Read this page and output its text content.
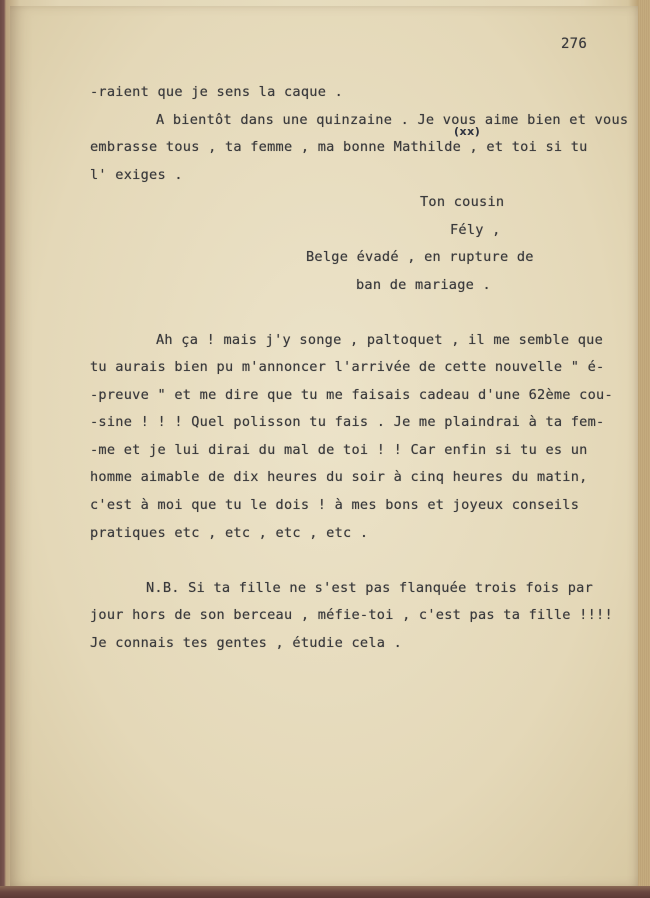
276
-raient que je sens la caque .
A bientôt dans une quinzaine . Je vous aime bien et vous
(xx)
embrasse tous , ta femme , ma bonne Mathilde , et toi si tu
l' exiges .
Ton cousin
Fély ,
Belge évadé , en rupture de
ban de mariage .
Ah ça ! mais j'y songe , paltoquet , il me semble que
tu aurais bien pu m'annoncer l'arrivée de cette nouvelle " é-
-preuve " et me dire que tu me faisais cadeau d'une 62ème cou-
-sine ! ! ! Quel polisson tu fais . Je me plaindrai à ta fem-
-me et je lui dirai du mal de toi ! ! Car enfin si tu es un
homme aimable de dix heures du soir à cinq heures du matin,
c'est à moi que tu le dois ! à mes bons et joyeux conseils
pratiques etc , etc , etc , etc .
N.B. Si ta fille ne s'est pas flanquée trois fois par
jour hors de son berceau , méfie-toi , c'est pas ta fille !!!!
Je connais tes gentes , étudie cela .
